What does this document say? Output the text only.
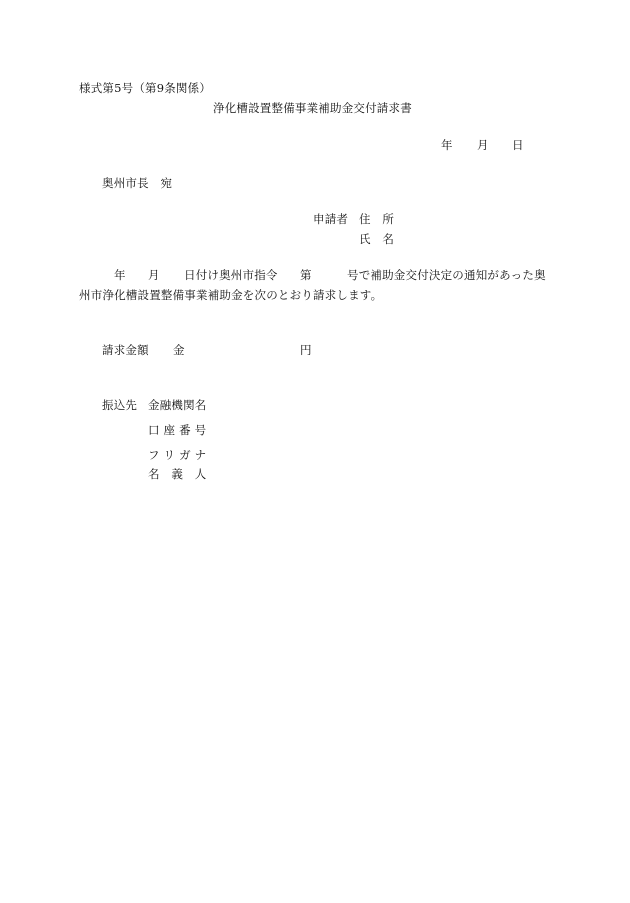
様式第5号（第9条関係）
浄化槽設置整備事業補助金交付請求書
年 月 日
奥州市長　宛
申請者 住　所
氏　名
年 月 日付け奥州市指令 第	号で補助金交付決定の通知があった奥
州市浄化槽設置整備事業補助金を次のとおり請求します。
請求金額 金	円
振込先 金融機関名
口 座 番 号
フ リ ガ ナ
名　義　人
